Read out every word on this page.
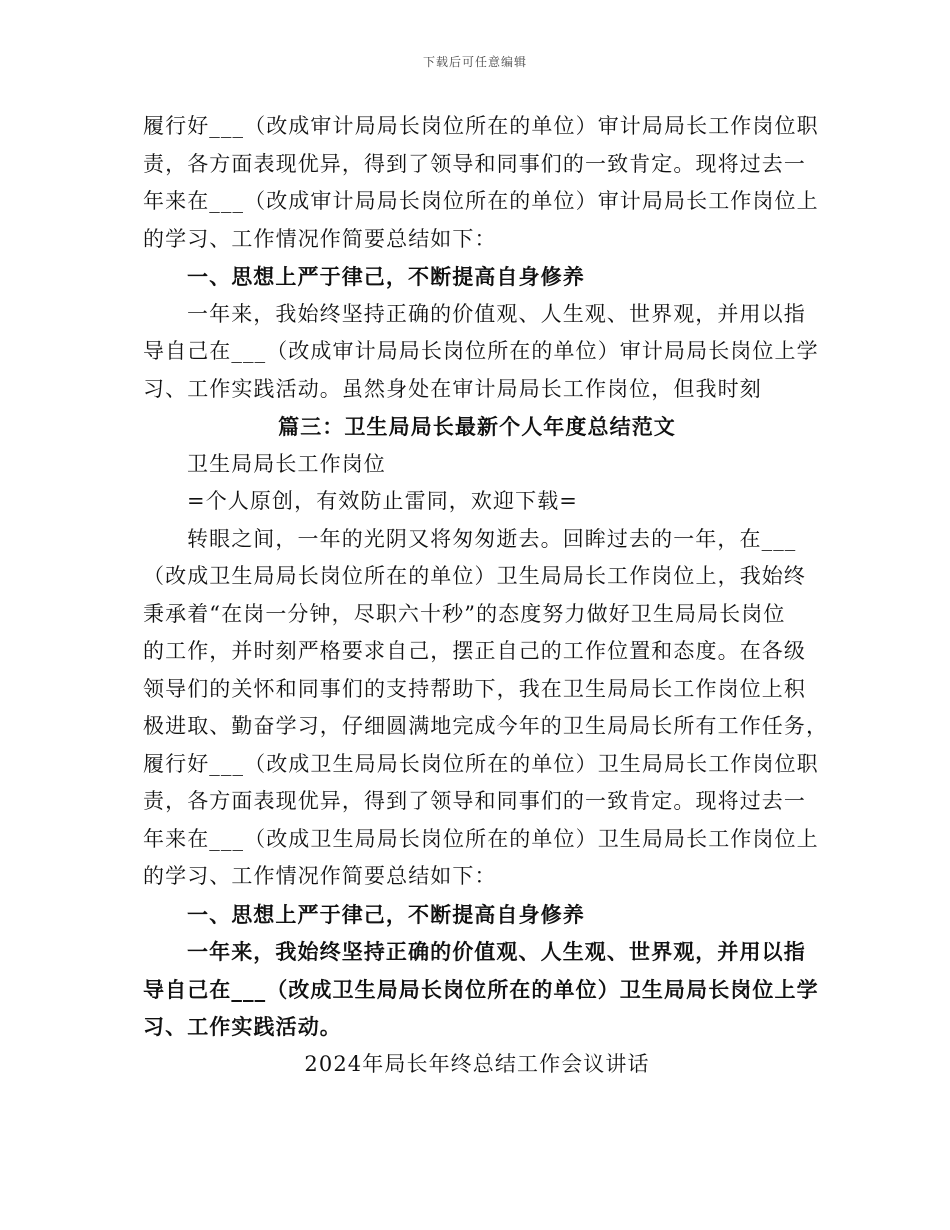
下载后可任意编辑

履行好___（改成审计局局长岗位所在的单位）审计局局长工作岗位职

责，各方面表现优异，得到了领导和同事们的一致肯定。现将过去一

年来在___（改成审计局局长岗位所在的单位）审计局局长工作岗位上

的学习、工作情况作简要总结如下：

一、思想上严于律己，不断提高自身修养

一年来，我始终坚持正确的价值观、人生观、世界观，并用以指

导自己在___（改成审计局局长岗位所在的单位）审计局局长岗位上学

习、工作实践活动。虽然身处在审计局局长工作岗位，但我时刻

篇三：卫生局局长最新个人年度总结范文

卫生局局长工作岗位

=个人原创，有效防止雷同，欢迎下载=

转眼之间，一年的光阴又将匆匆逝去。回眸过去的一年，在___

（改成卫生局局长岗位所在的单位）卫生局局长工作岗位上，我始终

秉承着“在岗一分钟，尽职六十秒”的态度努力做好卫生局局长岗位

的工作，并时刻严格要求自己，摆正自己的工作位置和态度。在各级

领导们的关怀和同事们的支持帮助下，我在卫生局局长工作岗位上积

极进取、勤奋学习，仔细圆满地完成今年的卫生局局长所有工作任务，

履行好___（改成卫生局局长岗位所在的单位）卫生局局长工作岗位职

责，各方面表现优异，得到了领导和同事们的一致肯定。现将过去一

年来在___（改成卫生局局长岗位所在的单位）卫生局局长工作岗位上

的学习、工作情况作简要总结如下：

一、思想上严于律己，不断提高自身修养

一年来，我始终坚持正确的价值观、人生观、世界观，并用以指

导自己在___（改成卫生局局长岗位所在的单位）卫生局局长岗位上学

习、工作实践活动。

2024年局长年终总结工作会议讲话
